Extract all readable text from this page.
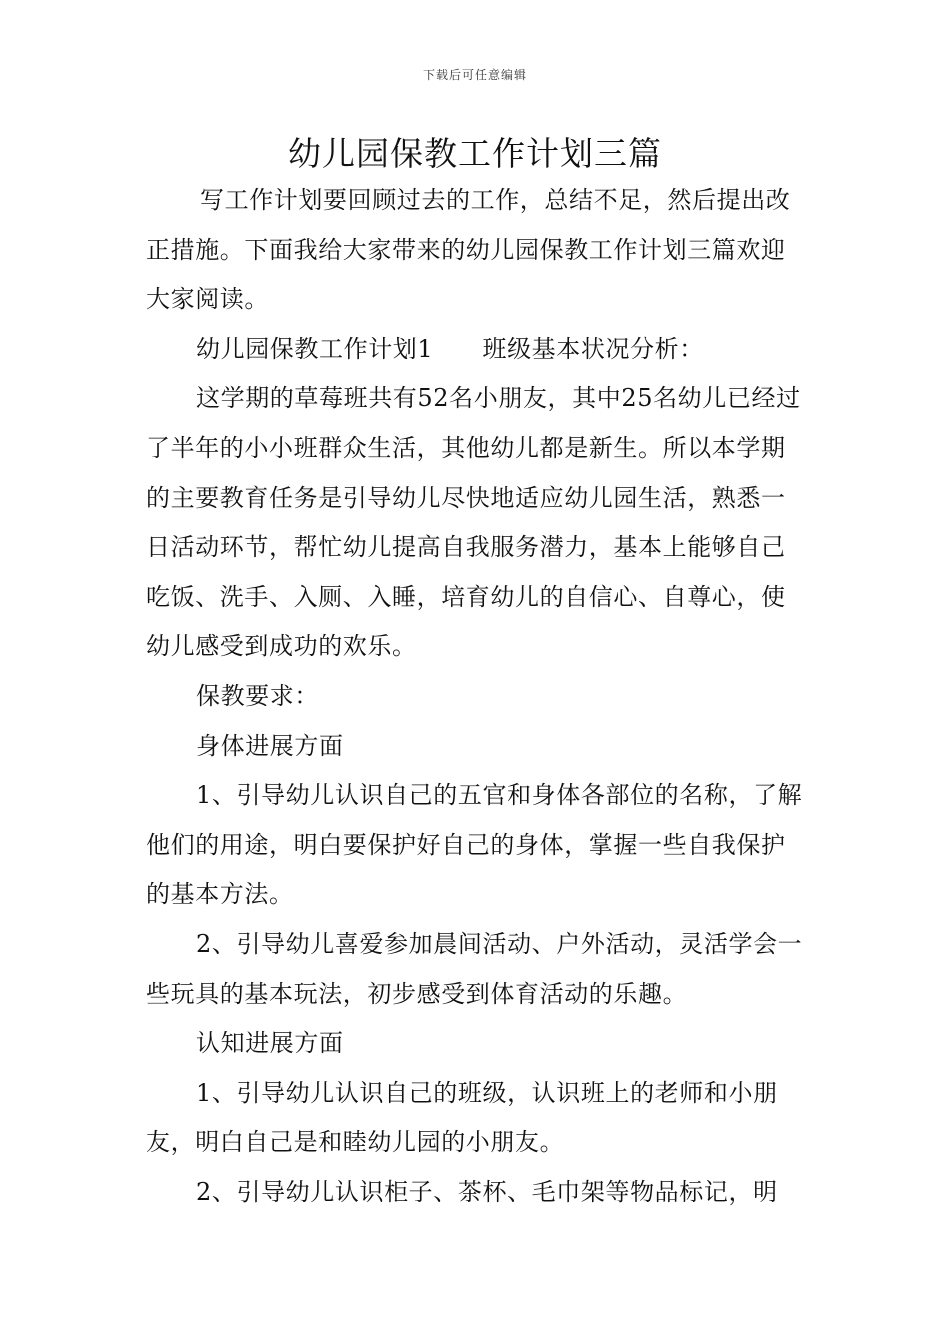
下载后可任意编辑
幼儿园保教工作计划三篇

写工作计划要回顾过去的工作，总结不足，然后提出改正措施。下面我给大家带来的幼儿园保教工作计划三篇欢迎大家阅读。

幼儿园保教工作计划1　　班级基本状况分析：

这学期的草莓班共有52名小朋友，其中25名幼儿已经过了半年的小小班群众生活，其他幼儿都是新生。所以本学期的主要教育任务是引导幼儿尽快地适应幼儿园生活，熟悉一日活动环节，帮忙幼儿提高自我服务潜力，基本上能够自己吃饭、洗手、入厕、入睡，培育幼儿的自信心、自尊心，使幼儿感受到成功的欢乐。

保教要求：

身体进展方面

1、引导幼儿认识自己的五官和身体各部位的名称，了解他们的用途，明白要保护好自己的身体，掌握一些自我保护的基本方法。

2、引导幼儿喜爱参加晨间活动、户外活动，灵活学会一些玩具的基本玩法，初步感受到体育活动的乐趣。

认知进展方面

1、引导幼儿认识自己的班级，认识班上的老师和小朋友，明白自己是和睦幼儿园的小朋友。

2、引导幼儿认识柜子、茶杯、毛巾架等物品标记，明
